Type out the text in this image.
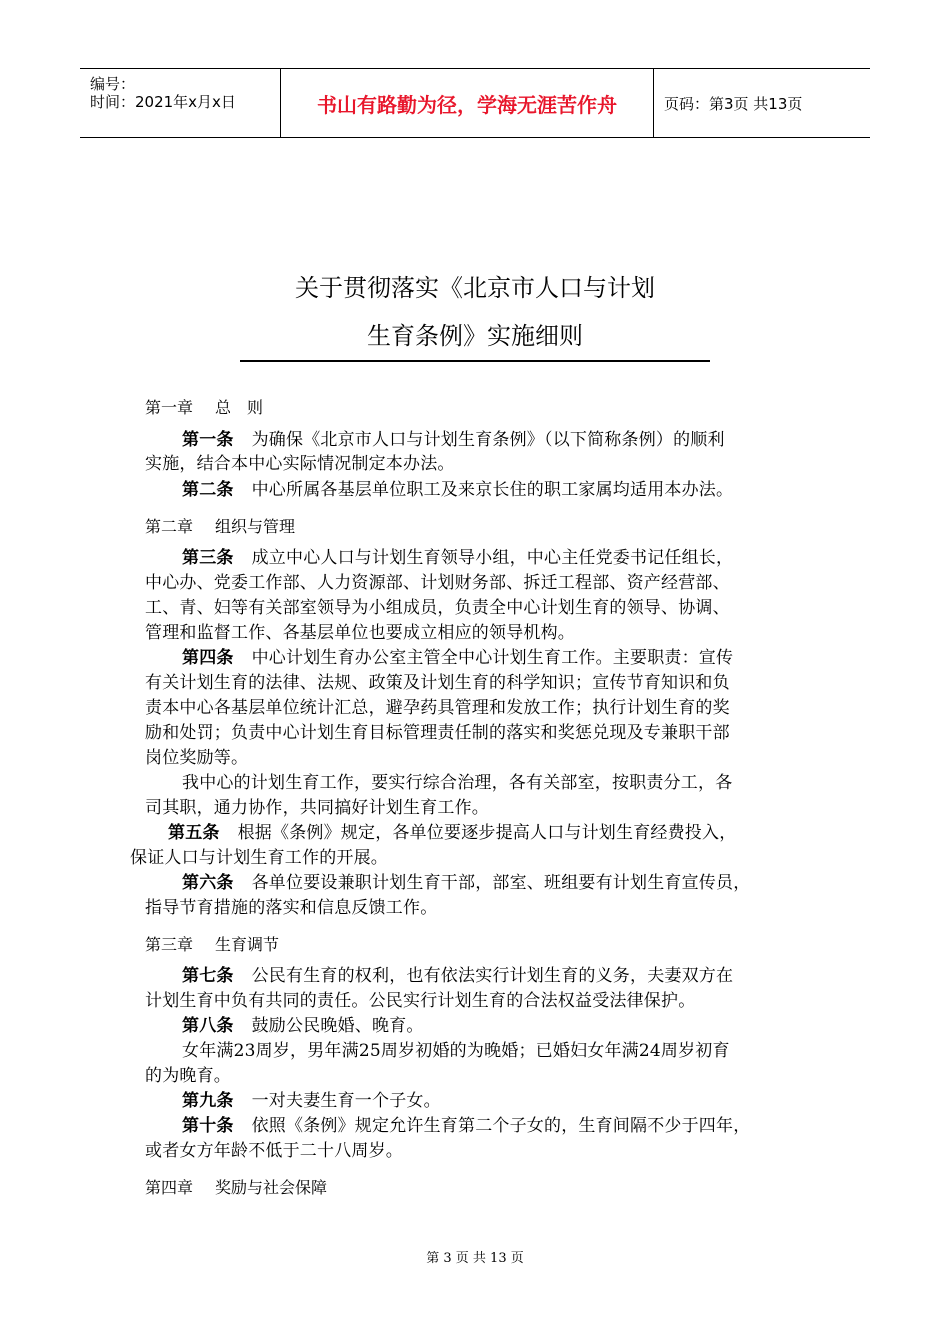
编号：
时间：2021年x月x日	书山有路勤为径，学海无涯苦作舟	页码：第3页 共13页
关于贯彻落实《北京市人口与计划
生育条例》实施细则
第一章 总　则
第一条 为确保《北京市人口与计划生育条例》（以下简称条例）的顺利
实施，结合本中心实际情况制定本办法。
第二条 中心所属各基层单位职工及来京长住的职工家属均适用本办法。
第二章 组织与管理
第三条 成立中心人口与计划生育领导小组，中心主任党委书记任组长，
中心办、党委工作部、人力资源部、计划财务部、拆迁工程部、资产经营部、
工、青、妇等有关部室领导为小组成员，负责全中心计划生育的领导、协调、
管理和监督工作、各基层单位也要成立相应的领导机构。
第四条 中心计划生育办公室主管全中心计划生育工作。主要职责：宣传
有关计划生育的法律、法规、政策及计划生育的科学知识；宣传节育知识和负
责本中心各基层单位统计汇总，避孕药具管理和发放工作；执行计划生育的奖
励和处罚；负责中心计划生育目标管理责任制的落实和奖惩兑现及专兼职干部
岗位奖励等。
我中心的计划生育工作，要实行综合治理，各有关部室，按职责分工，各
司其职，通力协作，共同搞好计划生育工作。
第五条 根据《条例》规定，各单位要逐步提高人口与计划生育经费投入，
保证人口与计划生育工作的开展。
第六条 各单位要设兼职计划生育干部，部室、班组要有计划生育宣传员，
指导节育措施的落实和信息反馈工作。
第三章 生育调节
第七条 公民有生育的权利，也有依法实行计划生育的义务，夫妻双方在
计划生育中负有共同的责任。公民实行计划生育的合法权益受法律保护。
第八条 鼓励公民晚婚、晚育。
女年满23周岁，男年满25周岁初婚的为晚婚；已婚妇女年满24周岁初育
的为晚育。
第九条 一对夫妻生育一个子女。
第十条 依照《条例》规定允许生育第二个子女的，生育间隔不少于四年，
或者女方年龄不低于二十八周岁。
第四章 奖励与社会保障
第 3 页 共 13 页
